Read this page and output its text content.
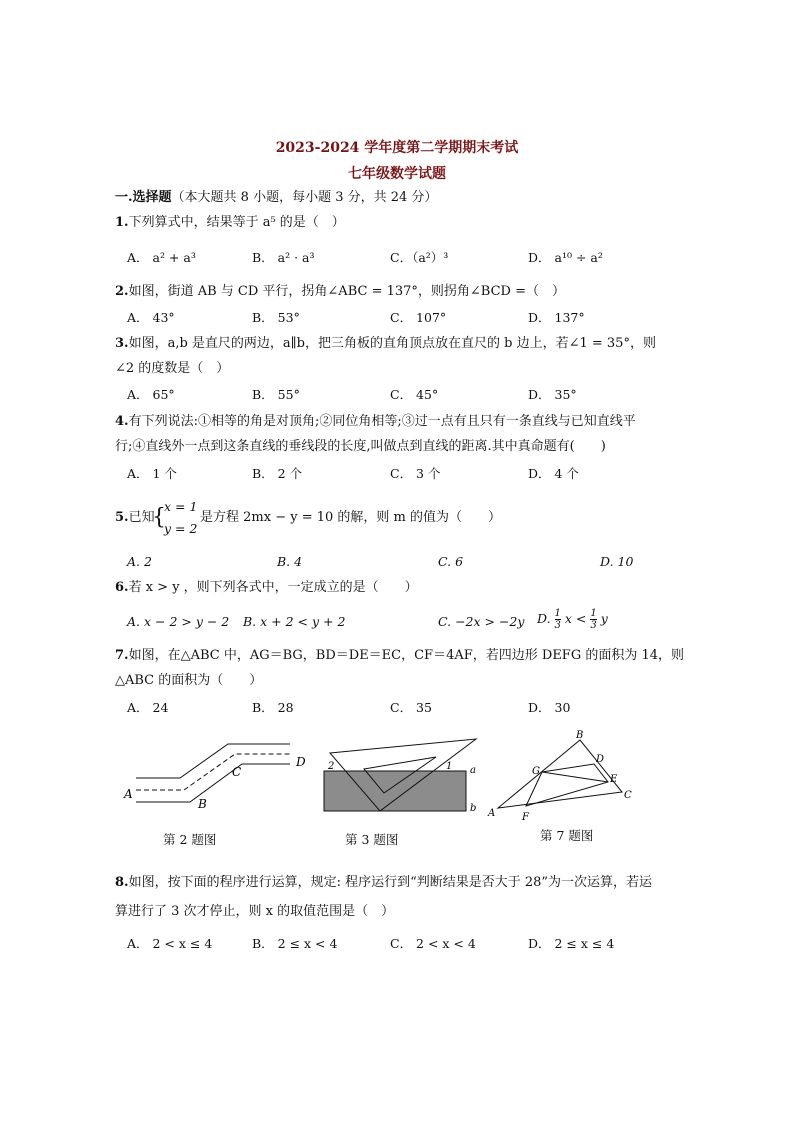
2023-2024 学年度第二学期期末考试
七年级数学试题
一.选择题（本大题共 8 小题，每小题 3 分，共 24 分）
1.下列算式中，结果等于 a⁵ 的是（　）
A． a² + a³	B． a² · a³	C．（a²）³	D． a¹⁰ ÷ a²
2.如图，街道 AB 与 CD 平行，拐角∠ABC = 137°，则拐角∠BCD =（　）
A． 43°	B． 53°	C． 107°	D． 137°
3.如图，a,b 是直尺的两边，a∥b，把三角板的直角顶点放在直尺的 b 边上，若∠1 = 35°，则
∠2 的度数是（　）
A． 65°	B． 55°	C． 45°	D． 35°
4.有下列说法:①相等的角是对顶角;②同位角相等;③过一点有且只有一条直线与已知直线平
行;④直线外一点到这条直线的垂线段的长度,叫做点到直线的距离.其中真命题有(　　)
A． 1 个	B． 2 个	C． 3 个	D． 4 个
5.已知
{
x = 1
y = 2
是方程 2mx − y = 10 的解，则 m 的值为（　　）
A. 2	B. 4	C. 6	D. 10
6.若 x > y ，则下列各式中，一定成立的是（　　）
A. x − 2 > y − 2 B. x + 2 < y + 2	C. −2x > −2y D. $\frac{1}{3}$ $x < \frac{1}{3}$ y
7.如图，在△ABC 中，AG＝BG，BD＝DE＝EC，CF＝4AF，若四边形 DEFG 的面积为 14，则
△ABC 的面积为（　　）
A． 24	B． 28	C． 35	D． 30
A
B
C
D
第 2 题图
2	1 a
b
第 3 题图
A
B
C
D
E
F
G
第 7 题图
8.如图，按下面的程序进行运算，规定: 程序运行到“判断结果是否大于 28”为一次运算，若运
算进行了 3 次才停止，则 x 的取值范围是（　）
A． 2 < x ≤ 4	B． 2 ≤ x < 4	C． 2 < x < 4	D． 2 ≤ x ≤ 4
